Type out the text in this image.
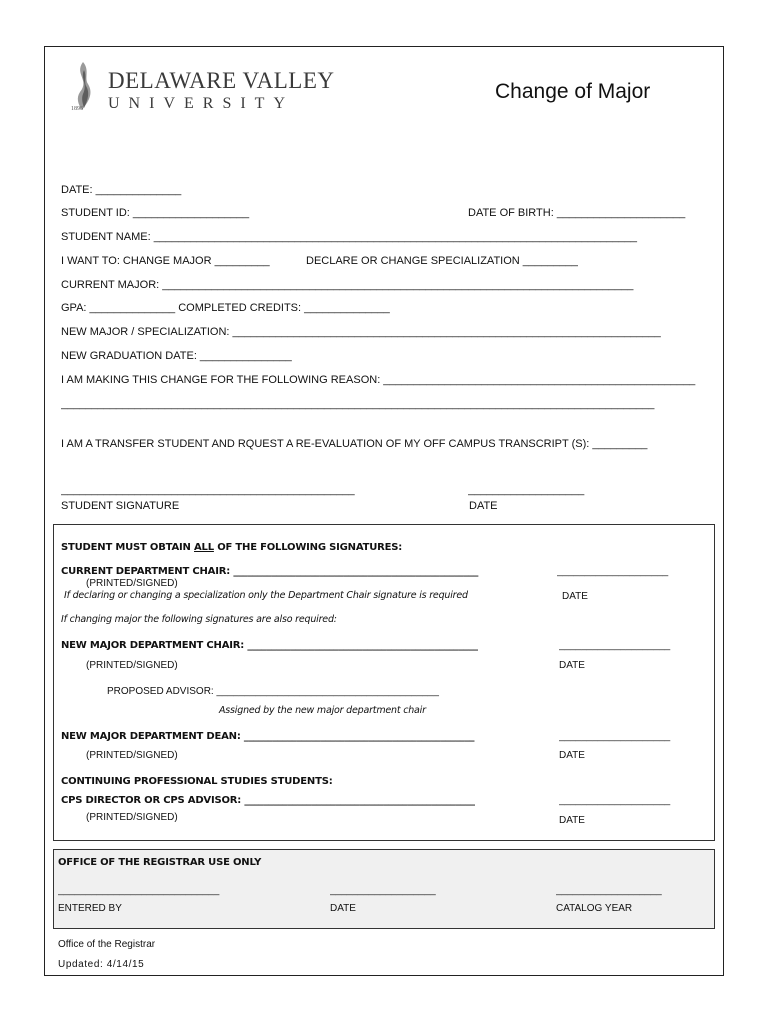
DELAWARE VALLEY
UNIVERSITY
1896
Change of Major
DATE: ______________
STUDENT ID: ___________________	DATE OF BIRTH: _____________________
STUDENT NAME: _______________________________________________________________________________
I WANT TO: CHANGE MAJOR _________	DECLARE OR CHANGE SPECIALIZATION _________
CURRENT MAJOR: _____________________________________________________________________________
GPA: ______________ COMPLETED CREDITS: ______________
NEW MAJOR / SPECIALIZATION: ______________________________________________________________________
NEW GRADUATION DATE: _______________
I AM MAKING THIS CHANGE FOR THE FOLLOWING REASON: ___________________________________________________
_________________________________________________________________________________________________
I AM A TRANSFER STUDENT AND RQUEST A RE-EVALUATION OF MY OFF CAMPUS TRANSCRIPT (S): _________
________________________________________________	___________________
STUDENT SIGNATURE	DATE
STUDENT MUST OBTAIN ALL OF THE FOLLOWING SIGNATURES:
CURRENT DEPARTMENT CHAIR: ___________________________________________________	____________________
(PRINTED/SIGNED)
If declaring or changing a specialization only the Department Chair signature is required	DATE
If changing major the following signatures are also required:
NEW MAJOR DEPARTMENT CHAIR: ________________________________________________	____________________
(PRINTED/SIGNED)	DATE
PROPOSED ADVISOR: ________________________________________
Assigned by the new major department chair
NEW MAJOR DEPARTMENT DEAN: ________________________________________________	____________________
(PRINTED/SIGNED)	DATE
CONTINUING PROFESSIONAL STUDIES STUDENTS:
CPS DIRECTOR OR CPS ADVISOR: ________________________________________________	____________________
(PRINTED/SIGNED)	DATE
OFFICE OF THE REGISTRAR USE ONLY
_____________________________	___________________	___________________
ENTERED BY	DATE	CATALOG YEAR
Office of the Registrar
Updated: 4/14/15
